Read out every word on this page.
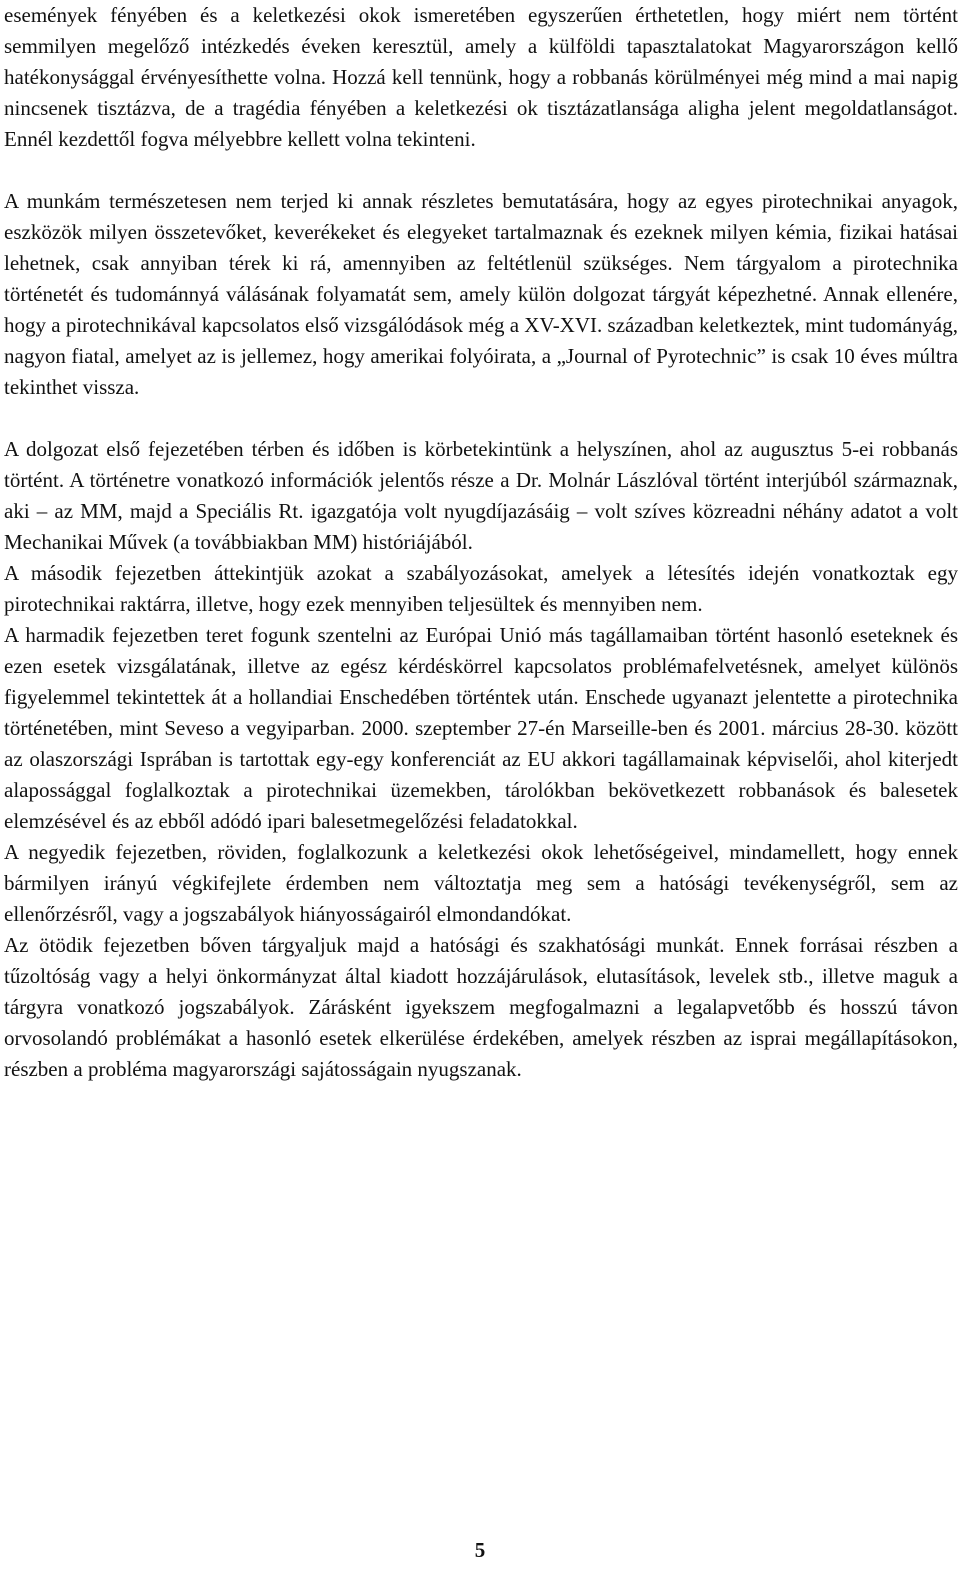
események fényében és a keletkezési okok ismeretében egyszerűen érthetetlen, hogy miért nem történt semmilyen megelőző intézkedés éveken keresztül, amely a külföldi tapasztalatokat Magyarországon kellő hatékonysággal érvényesíthette volna. Hozzá kell tennünk, hogy a robbanás körülményei még mind a mai napig nincsenek tisztázva, de a tragédia fényében a keletkezési ok tisztázatlansága aligha jelent megoldatlanságot. Ennél kezdettől fogva mélyebbre kellett volna tekinteni.

A munkám természetesen nem terjed ki annak részletes bemutatására, hogy az egyes pirotechnikai anyagok, eszközök milyen összetevőket, keverékeket és elegyeket tartalmaznak és ezeknek milyen kémia, fizikai hatásai lehetnek, csak annyiban térek ki rá, amennyiben az feltétlenül szükséges. Nem tárgyalom a pirotechnika történetét és tudománnyá válásának folyamatát sem, amely külön dolgozat tárgyát képezhetné. Annak ellenére, hogy a pirotechnikával kapcsolatos első vizsgálódások még a XV-XVI. században keletkeztek, mint tudományág, nagyon fiatal, amelyet az is jellemez, hogy amerikai folyóirata, a „Journal of Pyrotechnic” is csak 10 éves múltra tekinthet vissza.

A dolgozat első fejezetében térben és időben is körbetekintünk a helyszínen, ahol az augusztus 5-ei robbanás történt. A történetre vonatkozó információk jelentős része a Dr. Molnár Lászlóval történt interjúból származnak, aki – az MM, majd a Speciális Rt. igazgatója volt nyugdíjazásáig – volt szíves közreadni néhány adatot a volt Mechanikai Művek (a továbbiakban MM) históriájából.

A második fejezetben áttekintjük azokat a szabályozásokat, amelyek a létesítés idején vonatkoztak egy pirotechnikai raktárra, illetve, hogy ezek mennyiben teljesültek és mennyiben nem.

A harmadik fejezetben teret fogunk szentelni az Európai Unió más tagállamaiban történt hasonló eseteknek és ezen esetek vizsgálatának, illetve az egész kérdéskörrel kapcsolatos problémafelvetésnek, amelyet különös figyelemmel tekintettek át a hollandiai Enschedében történtek után. Enschede ugyanazt jelentette a pirotechnika történetében, mint Seveso a vegyiparban. 2000. szeptember 27-én Marseille-ben és 2001. március 28-30. között az olaszországi Isprában is tartottak egy-egy konferenciát az EU akkori tagállamainak képviselői, ahol kiterjedt alapossággal foglalkoztak a pirotechnikai üzemekben, tárolókban bekövetkezett robbanások és balesetek elemzésével és az ebből adódó ipari balesetmegelőzési feladatokkal.

A negyedik fejezetben, röviden, foglalkozunk a keletkezési okok lehetőségeivel, mindamellett, hogy ennek bármilyen irányú végkifejlete érdemben nem változtatja meg sem a hatósági tevékenységről, sem az ellenőrzésről, vagy a jogszabályok hiányosságairól elmondandókat.

Az ötödik fejezetben bőven tárgyaljuk majd a hatósági és szakhatósági munkát. Ennek forrásai részben a tűzoltóság vagy a helyi önkormányzat által kiadott hozzájárulások, elutasítások, levelek stb., illetve maguk a tárgyra vonatkozó jogszabályok. Zárásként igyekszem megfogalmazni a legalapvetőbb és hosszú távon orvosolandó problémákat a hasonló esetek elkerülése érdekében, amelyek részben az isprai megállapításokon, részben a probléma magyarországi sajátosságain nyugszanak.

5
